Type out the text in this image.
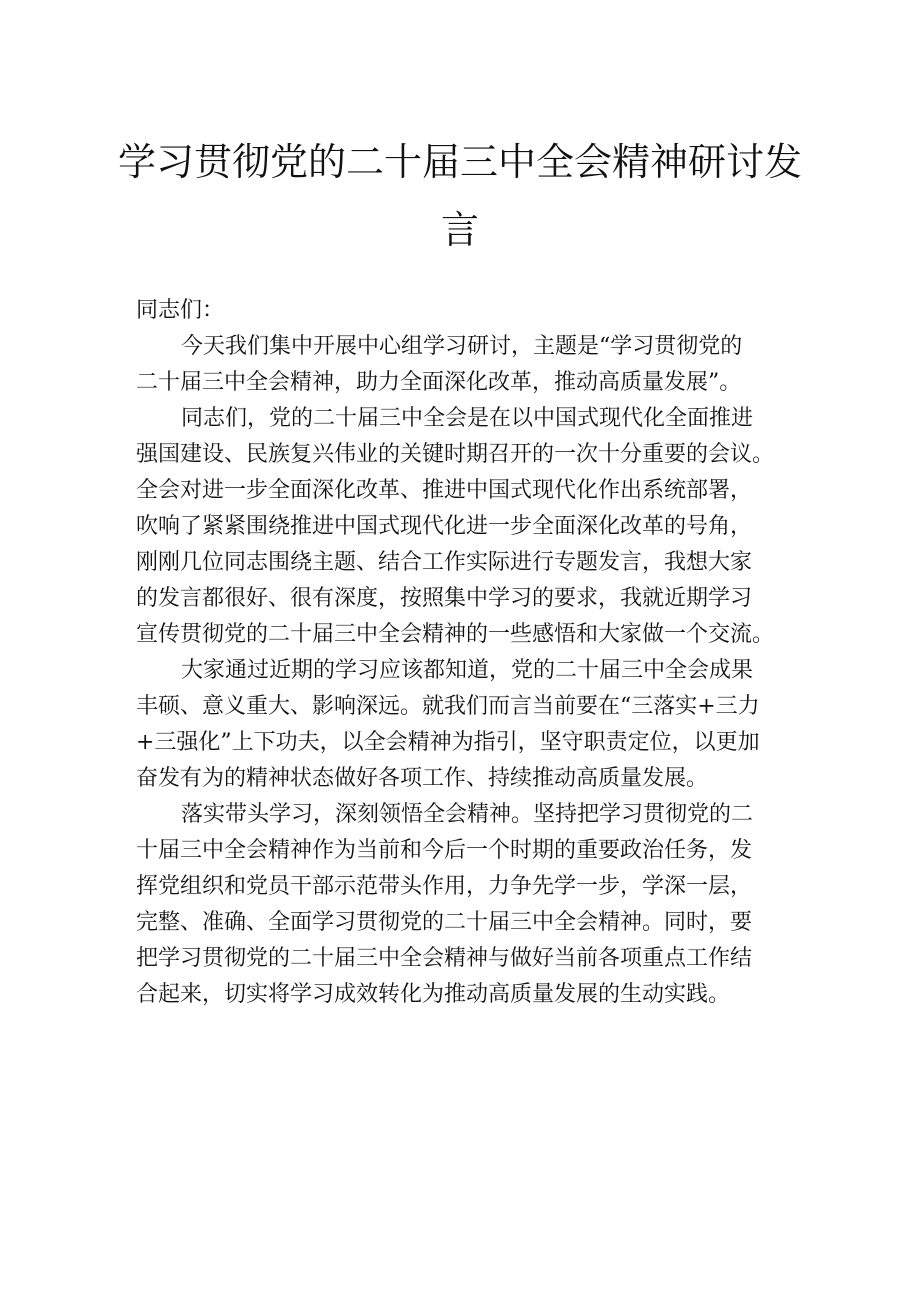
学习贯彻党的二十届三中全会精神研讨发
言

同志们：

今天我们集中开展中心组学习研讨，主题是“学习贯彻党的
二十届三中全会精神，助力全面深化改革，推动高质量发展”。

同志们，党的二十届三中全会是在以中国式现代化全面推进
强国建设、民族复兴伟业的关键时期召开的一次十分重要的会议。
全会对进一步全面深化改革、推进中国式现代化作出系统部署，
吹响了紧紧围绕推进中国式现代化进一步全面深化改革的号角，
刚刚几位同志围绕主题、结合工作实际进行专题发言，我想大家
的发言都很好、很有深度，按照集中学习的要求，我就近期学习
宣传贯彻党的二十届三中全会精神的一些感悟和大家做一个交流。

大家通过近期的学习应该都知道，党的二十届三中全会成果
丰硕、意义重大、影响深远。就我们而言当前要在“三落实+三力
+三强化”上下功夫，以全会精神为指引，坚守职责定位，以更加
奋发有为的精神状态做好各项工作、持续推动高质量发展。

落实带头学习，深刻领悟全会精神。坚持把学习贯彻党的二
十届三中全会精神作为当前和今后一个时期的重要政治任务，发
挥党组织和党员干部示范带头作用，力争先学一步，学深一层，
完整、准确、全面学习贯彻党的二十届三中全会精神。同时，要
把学习贯彻党的二十届三中全会精神与做好当前各项重点工作结
合起来，切实将学习成效转化为推动高质量发展的生动实践。
